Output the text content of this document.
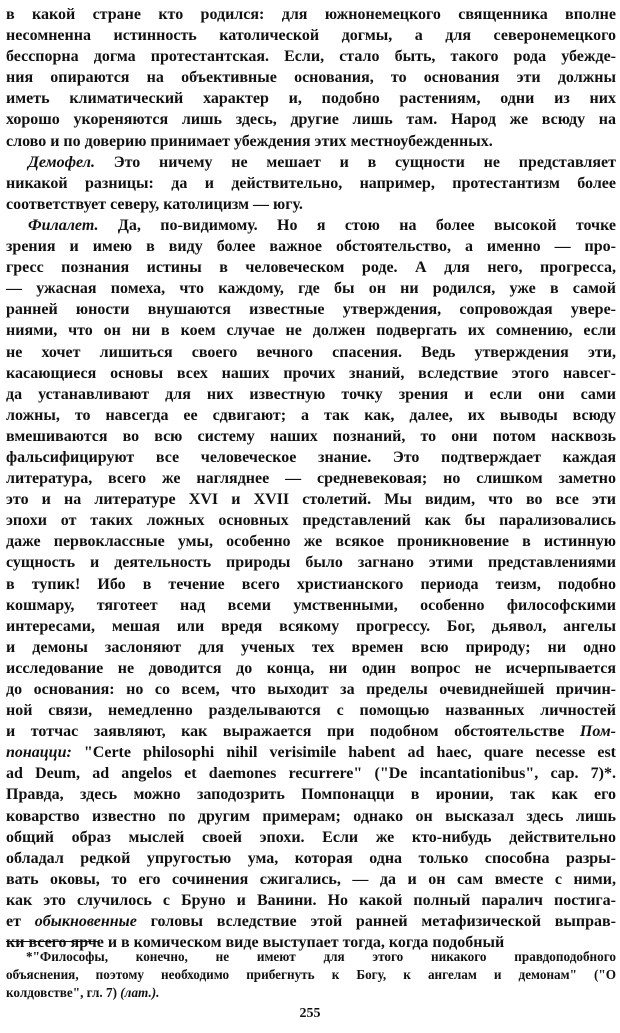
в какой стране кто родился: для южнонемецкого священника вполне
несомненна истинность католической догмы, а для северонемецкого
бесспорна догма протестантская. Если, стало быть, такого рода убежде-
ния опираются на объективные основания, то основания эти должны
иметь климатический характер и, подобно растениям, одни из них
хорошо укореняются лишь здесь, другие лишь там. Народ же всюду на
слово и по доверию принимает убеждения этих местноубежденных.
Демофел. Это ничему не мешает и в сущности не представляет
никакой разницы: да и действительно, например, протестантизм более
соответствует северу, католицизм — югу.
Филалет. Да, по-видимому. Но я стою на более высокой точке
зрения и имею в виду более важное обстоятельство, а именно — про-
гресс познания истины в человеческом роде. А для него, прогресса,
— ужасная помеха, что каждому, где бы он ни родился, уже в самой
ранней юности внушаются известные утверждения, сопровождая увере-
ниями, что он ни в коем случае не должен подвергать их сомнению, если
не хочет лишиться своего вечного спасения. Ведь утверждения эти,
касающиеся основы всех наших прочих знаний, вследствие этого навсег-
да устанавливают для них известную точку зрения и если они сами
ложны, то навсегда ее сдвигают; а так как, далее, их выводы всюду
вмешиваются во всю систему наших познаний, то они потом насквозь
фальсифицируют все человеческое знание. Это подтверждает каждая
литература, всего же нагляднее — средневековая; но слишком заметно
это и на литературе XVI и XVII столетий. Мы видим, что во все эти
эпохи от таких ложных основных представлений как бы парализовались
даже первоклассные умы, особенно же всякое проникновение в истинную
сущность и деятельность природы было загнано этими представлениями
в тупик! Ибо в течение всего христианского периода теизм, подобно
кошмару, тяготеет над всеми умственными, особенно философскими
интересами, мешая или вредя всякому прогрессу. Бог, дьявол, ангелы
и демоны заслоняют для ученых тех времен всю природу; ни одно
исследование не доводится до конца, ни один вопрос не исчерпывается
до основания: но со всем, что выходит за пределы очевиднейшей причин-
ной связи, немедленно разделываются с помощью названных личностей
и тотчас заявляют, как выражается при подобном обстоятельстве Пом-
понацци: "Certe philosophi nihil verisimile habent ad haec, quare necesse est
ad Deum, ad angelos et daemones recurrere" ("De incantationibus", cap. 7)*.
Правда, здесь можно заподозрить Помпонацци в иронии, так как его
коварство известно по другим примерам; однако он высказал здесь лишь
общий образ мыслей своей эпохи. Если же кто-нибудь действительно
обладал редкой упругостью ума, которая одна только способна разры-
вать оковы, то его сочинения сжигались, — да и он сам вместе с ними,
как это случилось с Бруно и Ванини. Но какой полный паралич постига-
ет обыкновенные головы вследствие этой ранней метафизической выправ-
ки всего ярче и в комическом виде выступает тогда, когда подобный
*"Философы, конечно, не имеют для этого никакого правдоподобного
объяснения, поэтому необходимо прибегнуть к Богу, к ангелам и демонам" ("О
колдовстве", гл. 7) (лат.).
255
